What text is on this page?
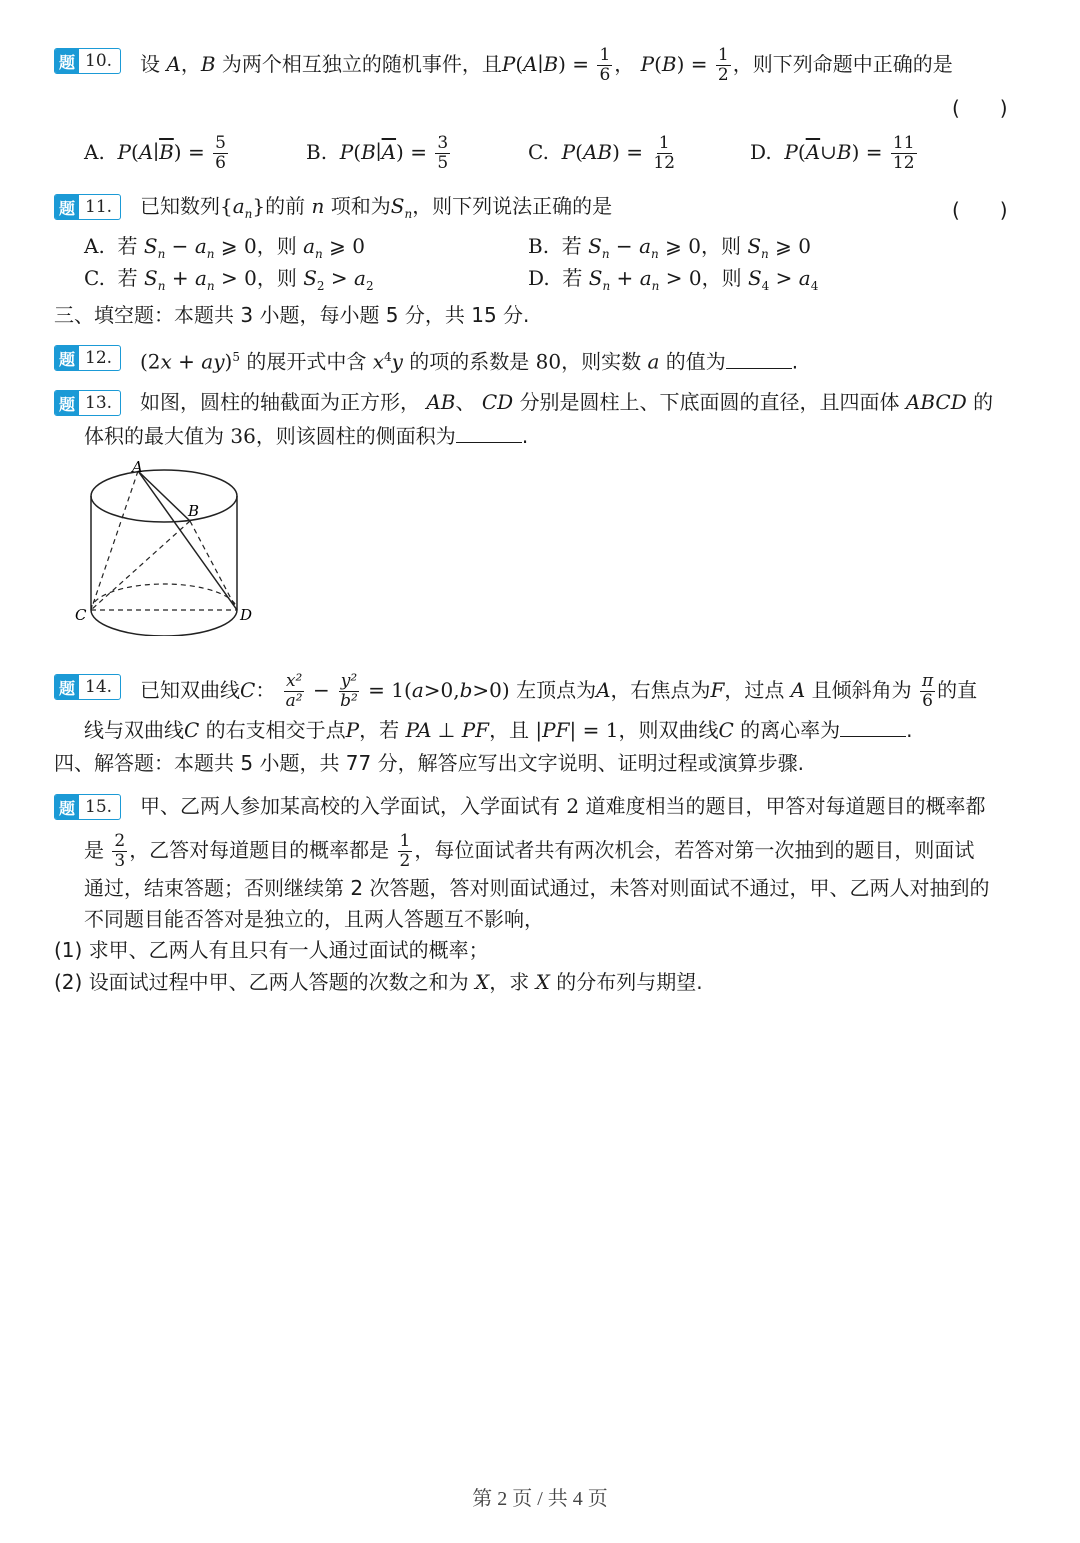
题 10.	设 A，B 为两个相互独立的随机事件，且P(A∣B) = $\frac{1}{6}$ ， $P(B) = \frac{1}{2}$ ，则下列命题中正确的是
(　　)
A. $P(A∣\overline{B}) = \frac{5}{6}$	B. $P(B∣\overline{A}) = \frac{3}{5}$	C. $P(AB) = \frac{1}{12}$	D. $P(\overline{A}\cup B) = \frac{11}{12}$
题 11.	已知数列$\{a_n\}$的前 n 项和为$S_n$，则下列说法正确的是	(　　)
A. 若 $S_n - a_n$ ⩾ 0，则 $a_n$ ⩾ 0	B. 若 $S_n - a_n$ ⩾ 0，则 $S_n$ ⩾ 0
C. 若 $S_n + a_n > 0$，则 $S_2 > a_2$	D. 若 $S_n + a_n > 0$，则 $S_4 > a_4$
三、填空题：本题共 3 小题，每小题 5 分，共 15 分.
题 12.	(2x + ay)$^5$ 的展开式中含 $x^4y$ 的项的系数是 80，则实数 a 的值为	.
题 13.	如图，圆柱的轴截面为正方形， AB、 CD 分别是圆柱上、下底面圆的直径，且四面体 ABCD 的
体积的最大值为 36，则该圆柱的侧面积为	.
A
B
C	D
题 14.	已知双曲线C： $\frac{\text{x²}}{\text{a²}} - \frac{\text{y²}}{\text{b²}} = 1(a>0,b>0)$ 左顶点为A，右焦点为F，过点 A 且倾斜角为 $\frac{\pi}{6}$ 的直
线与双曲线C 的右支相交于点P，若 PA ⊥ PF，且 |PF| = 1，则双曲线C 的离心率为	.
四、解答题：本题共 5 小题，共 77 分，解答应写出文字说明、证明过程或演算步骤.
题 15.	甲、乙两人参加某高校的入学面试，入学面试有 2 道难度相当的题目，甲答对每道题目的概率都
是 $\frac{2}{3}$ ，乙答对每道题目的概率都是 $\frac{1}{2}$ ，每位面试者共有两次机会，若答对第一次抽到的题目，则面试
通过，结束答题；否则继续第 2 次答题，答对则面试通过，未答对则面试不通过，甲、乙两人对抽到的
不同题目能否答对是独立的，且两人答题互不影响，
(1) 求甲、乙两人有且只有一人通过面试的概率；
(2) 设面试过程中甲、乙两人答题的次数之和为 X，求 X 的分布列与期望.
第 2 页 / 共 4 页
